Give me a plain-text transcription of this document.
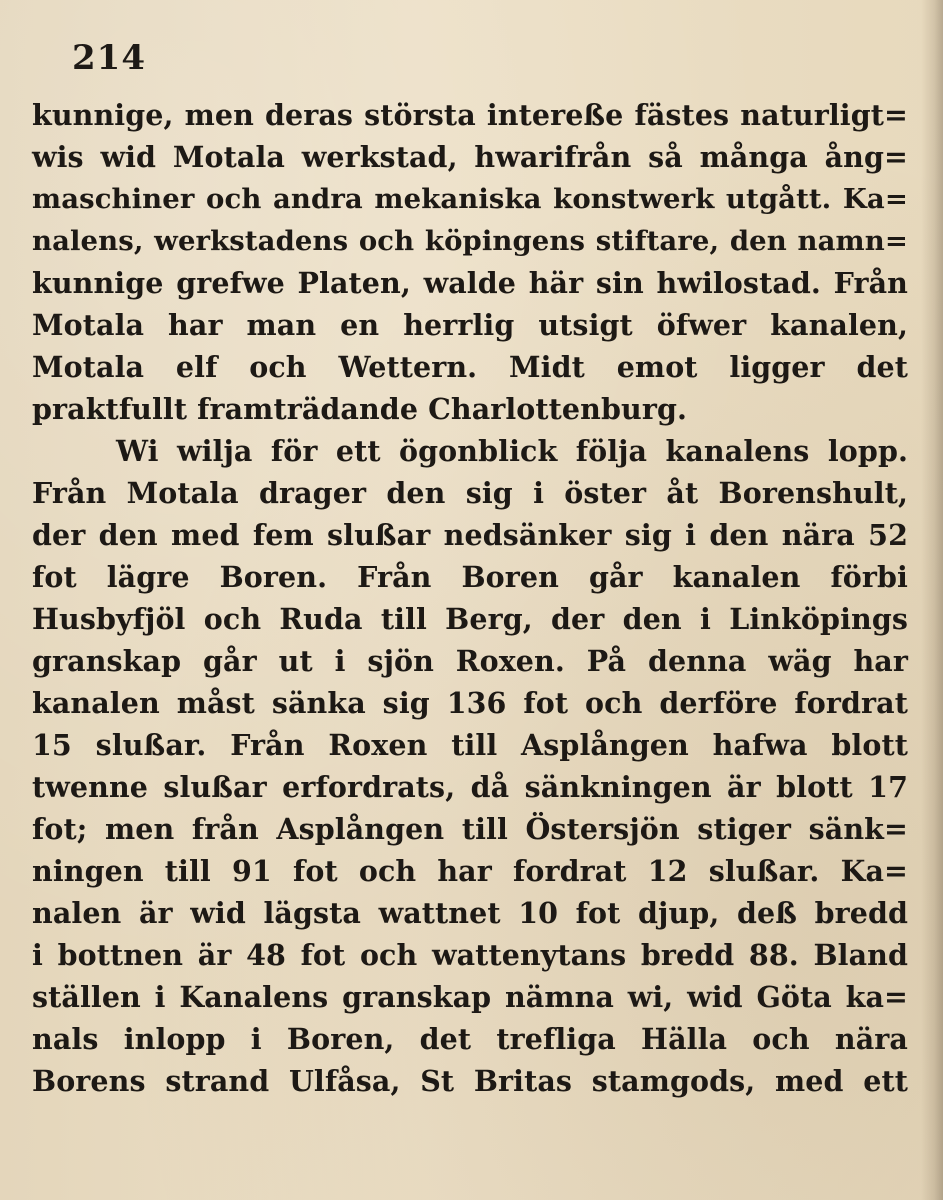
214
kunnige, men deras största intereße fästes naturligt=
wis wid Motala werkstad, hwarifrån så många ång=
maschiner och andra mekaniska konstwerk utgått. Ka=
nalens, werkstadens och köpingens stiftare, den namn=
kunnige grefwe Platen, walde här sin hwilostad. Från
Motala har man en herrlig utsigt öfwer kanalen,
Motala elf och Wettern. Midt emot ligger det
praktfullt framträdande Charlottenburg.
Wi wilja för ett ögonblick följa kanalens lopp.
Från Motala drager den sig i öster åt Borenshult,
der den med fem slußar nedsänker sig i den nära 52
fot lägre Boren. Från Boren går kanalen förbi
Husbyfjöl och Ruda till Berg, der den i Linköpings
granskap går ut i sjön Roxen. På denna wäg har
kanalen måst sänka sig 136 fot och derföre fordrat
15 slußar. Från Roxen till Asplången hafwa blott
twenne slußar erfordrats, då sänkningen är blott 17
fot; men från Asplången till Östersjön stiger sänk=
ningen till 91 fot och har fordrat 12 slußar. Ka=
nalen är wid lägsta wattnet 10 fot djup, deß bredd
i bottnen är 48 fot och wattenytans bredd 88. Bland
ställen i Kanalens granskap nämna wi, wid Göta ka=
nals inlopp i Boren, det trefliga Hälla och nära
Borens strand Ulfåsa, St Britas stamgods, med ett
